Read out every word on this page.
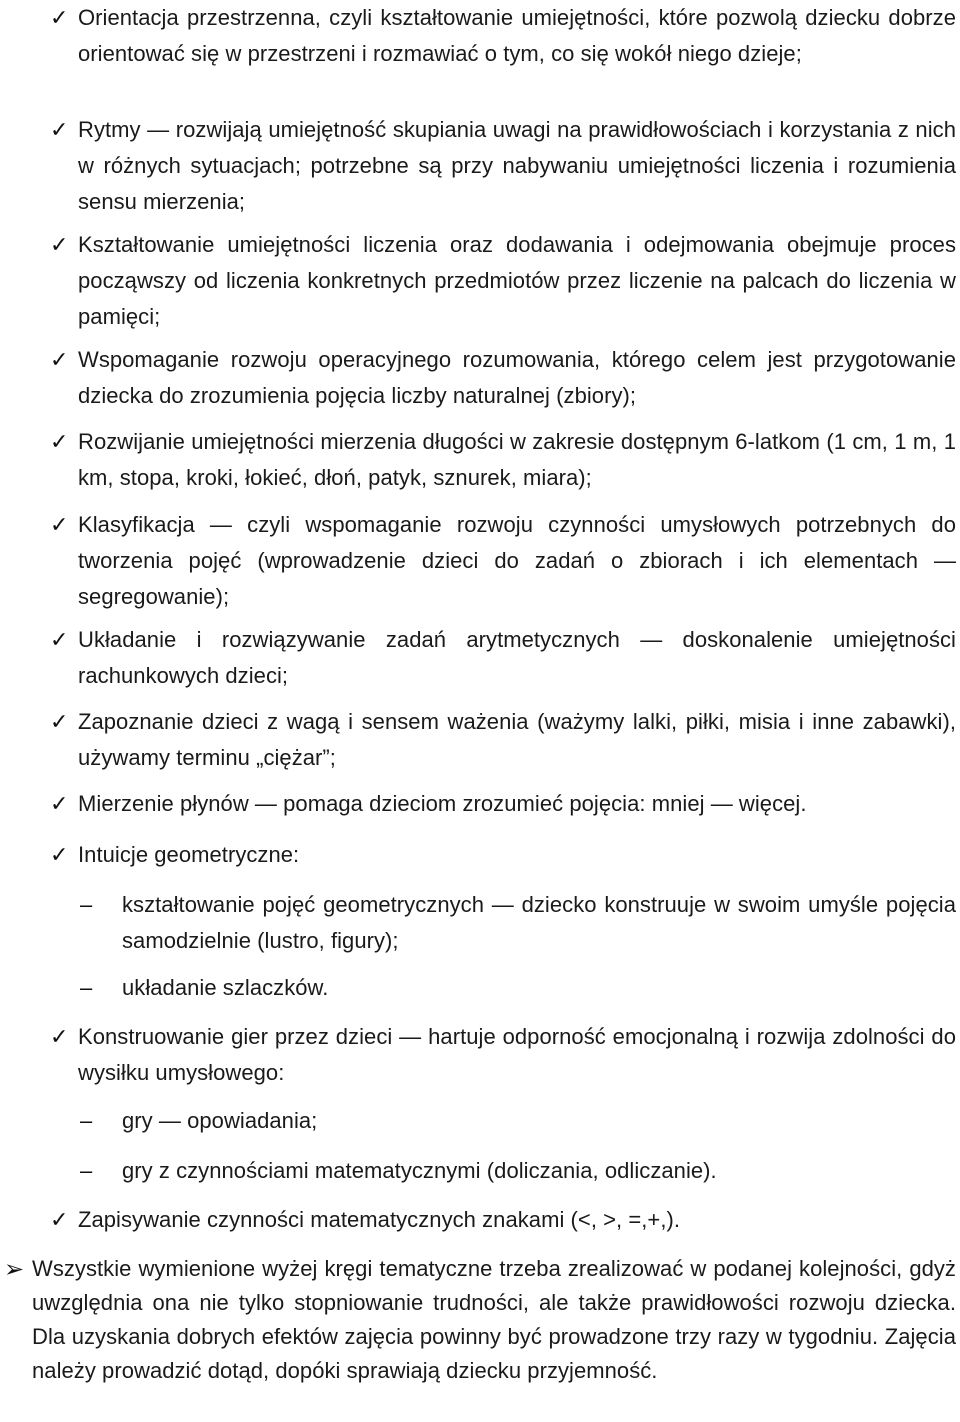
✓ Orientacja przestrzenna, czyli kształtowanie umiejętności, które pozwolą dziecku dobrze orientować się w przestrzeni i rozmawiać o tym, co się wokół niego dzieje;
✓ Rytmy — rozwijają umiejętność skupiania uwagi na prawidłowościach i korzystania z nich w różnych sytuacjach; potrzebne są przy nabywaniu umiejętności liczenia i rozumienia sensu mierzenia;
✓ Kształtowanie umiejętności liczenia oraz dodawania i odejmowania obejmuje proces począwszy od liczenia konkretnych przedmiotów przez liczenie na palcach do liczenia w pamięci;
✓ Wspomaganie rozwoju operacyjnego rozumowania, którego celem jest przygotowanie dziecka do zrozumienia pojęcia liczby naturalnej (zbiory);
✓ Rozwijanie umiejętności mierzenia długości w zakresie dostępnym 6-latkom (1 cm, 1 m, 1 km, stopa, kroki, łokieć, dłoń, patyk, sznurek, miara);
✓ Klasyfikacja — czyli wspomaganie rozwoju czynności umysłowych potrzebnych do tworzenia pojęć (wprowadzenie dzieci do zadań o zbiorach i ich elementach — segregowanie);
✓ Układanie i rozwiązywanie zadań arytmetycznych — doskonalenie umiejętności rachunkowych dzieci;
✓ Zapoznanie dzieci z wagą i sensem ważenia (ważymy lalki, piłki, misia i inne zabawki), używamy terminu „ciężar”;
✓ Mierzenie płynów — pomaga dzieciom zrozumieć pojęcia: mniej — więcej.
✓ Intuicje geometryczne:
– kształtowanie pojęć geometrycznych — dziecko konstruuje w swoim umyśle pojęcia samodzielnie (lustro, figury);
– układanie szlaczków.
✓ Konstruowanie gier przez dzieci — hartuje odporność emocjonalną i rozwija zdolności do wysiłku umysłowego:
– gry — opowiadania;
– gry z czynnościami matematycznymi (doliczania, odliczanie).
✓ Zapisywanie czynności matematycznych znakami (<, >, =,+,).
➢ Wszystkie wymienione wyżej kręgi tematyczne trzeba zrealizować w podanej kolejności, gdyż uwzględnia ona nie tylko stopniowanie trudności, ale także prawidłowości rozwoju dziecka. Dla uzyskania dobrych efektów zajęcia powinny być prowadzone trzy razy w tygodniu. Zajęcia należy prowadzić dotąd, dopóki sprawiają dziecku przyjemność.
